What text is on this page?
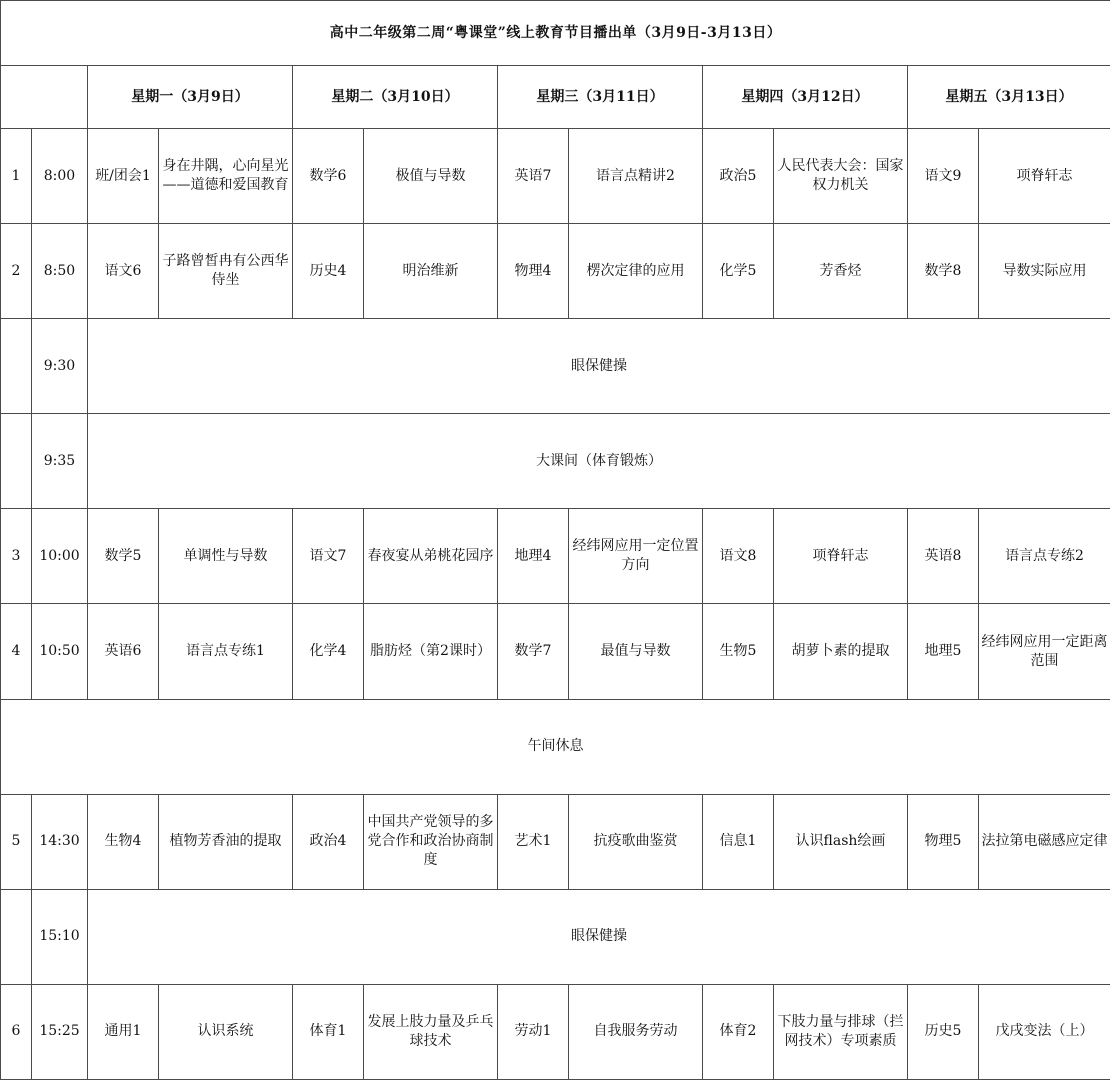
高中二年级第二周“粤课堂”线上教育节目播出单（3月9日-3月13日）											
		星期一（3月9日）		星期二（3月10日）		星期三（3月11日）		星期四（3月12日）		星期五（3月13日）	
1	8:00	班/团会1	身在井隅，心向星光——道德和爱国教育	数学6	极值与导数	英语7	语言点精讲2	政治5	人民代表大会：国家权力机关	语文9	项脊轩志
2	8:50	语文6	子路曾皙冉有公西华侍坐	历史4	明治维新	物理4	楞次定律的应用	化学5	芳香烃	数学8	导数实际应用
	9:30	眼保健操									
	9:35	大课间（体育锻炼）									
3	10:00	数学5	单调性与导数	语文7	春夜宴从弟桃花园序	地理4	经纬网应用一定位置方向	语文8	项脊轩志	英语8	语言点专练2
4	10:50	英语6	语言点专练1	化学4	脂肪烃（第2课时）	数学7	最值与导数	生物5	胡萝卜素的提取	地理5	经纬网应用一定距离范围
午间休息											
5	14:30	生物4	植物芳香油的提取	政治4	中国共产党领导的多党合作和政治协商制度	艺术1	抗疫歌曲鉴赏	信息1	认识flash绘画	物理5	法拉第电磁感应定律
	15:10	眼保健操									
6	15:25	通用1	认识系统	体育1	发展上肢力量及乒乓球技术	劳动1	自我服务劳动	体育2	下肢力量与排球（拦网技术）专项素质	历史5	戊戌变法（上）
